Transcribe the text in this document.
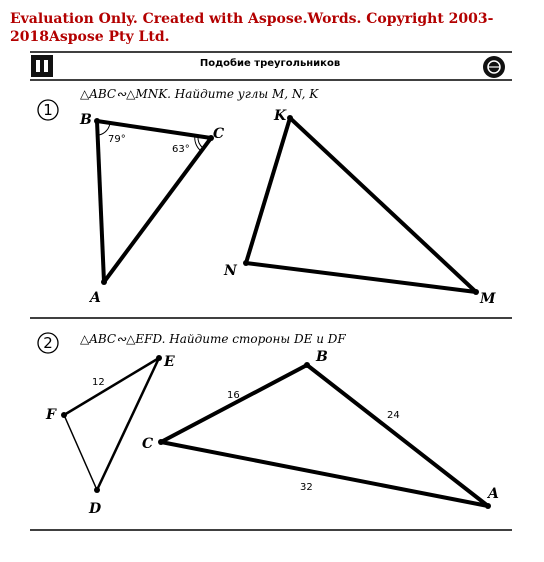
Evaluation Only. Created with Aspose.Words. Copyright 2003-2018Aspose Pty Ltd.
Подобие треугольников
1
△ABC∾△MNK. Найдите углы M, N, K
B
C
A
79°
63°
K
N
M
2 △ABC∾△EFD. Найдите стороны DE и DF
E
F
D
12
C
B
A
16
24
32
